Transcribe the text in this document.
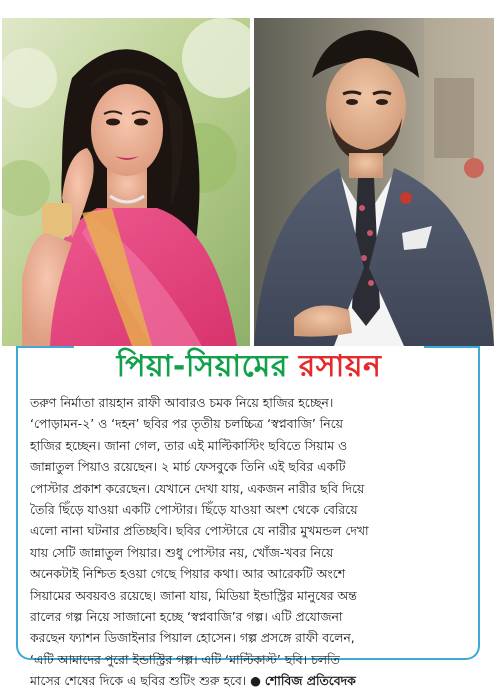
পিয়া-সিয়ামের রসায়ন
তরুণ নির্মাতা রায়হান রাফী আবারও চমক নিয়ে হাজির হচ্ছেন।
‘পোড়ামন-২’ ও ‘দহন’ ছবির পর তৃতীয় চলচ্চিত্র ‘স্বপ্নবাজি’ নিয়ে
হাজির হচ্ছেন। জানা গেল, তার এই মাল্টিকাস্টিং ছবিতে সিয়াম ও
জান্নাতুল পিয়াও রয়েছেন। ২ মার্চ ফেসবুকে তিনি এই ছবির একটি
পোস্টার প্রকাশ করেছেন। যেখানে দেখা যায়, একজন নারীর ছবি দিয়ে
তৈরি ছিঁড়ে যাওয়া একটি পোস্টার। ছিঁড়ে যাওয়া অংশ থেকে বেরিয়ে
এলো নানা ঘটনার প্রতিচ্ছবি। ছবির পোস্টারে যে নারীর মুখমন্ডল দেখা
যায় সেটি জান্নাতুল পিয়ার। শুধু পোস্টার নয়, খোঁজ-খবর নিয়ে
অনেকটাই নিশ্চিত হওয়া গেছে পিয়ার কথা। আর আরেকটি অংশে
সিয়ামের অবয়বও রয়েছে। জানা যায়, মিডিয়া ইন্ডাস্ট্রির মানুষের অন্ত
রালের গল্প নিয়ে সাজানো হচ্ছে ‘স্বপ্নবাজি’র গল্প। এটি প্রযোজনা
করছেন ফ্যাশন ডিজাইনার পিয়াল হোসেন। গল্প প্রসঙ্গে রাফী বলেন,
‘এটি আমাদের পুরো ইন্ডাস্ট্রির গল্প। এটি ‘মাল্টিকাস্ট’ ছবি। চলতি
মাসের শেষের দিকে এ ছবির শুটিং শুরু হবে। ● শোবিজ প্রতিবেদক
